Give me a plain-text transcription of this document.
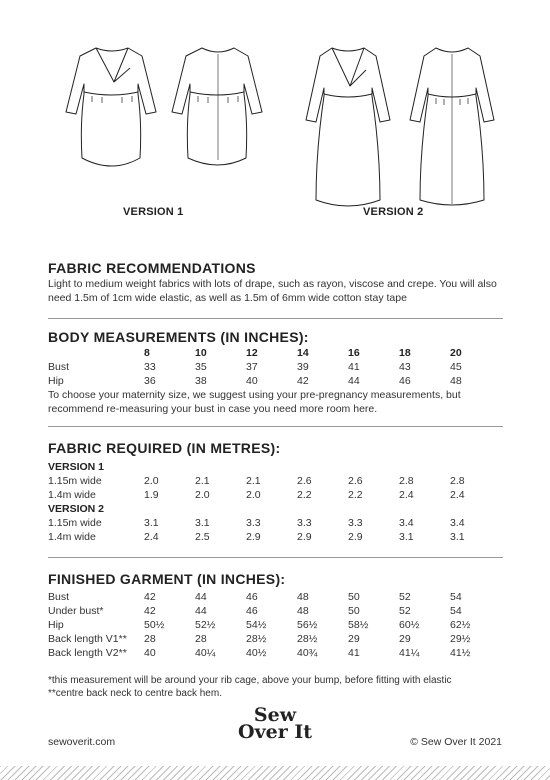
VERSION 1	VERSION 2
FABRIC RECOMMENDATIONS
Light to medium weight fabrics with lots of drape, such as rayon, viscose and crepe. You will also
need 1.5m of 1cm wide elastic, as well as 1.5m of 6mm wide cotton stay tape
BODY MEASUREMENTS (IN INCHES):
	8	10	12	14	16	18	20
Bust	33	35	37	39	41	43	45
Hip	36	38	40	42	44	46	48
To choose your maternity size, we suggest using your pre-pregnancy measurements, but
recommend re-measuring your bust in case you need more room here.
FABRIC REQUIRED (IN METRES):
VERSION 1							
1.15m wide	2.0	2.1	2.1	2.6	2.6	2.8	2.8
1.4m wide	1.9	2.0	2.0	2.2	2.2	2.4	2.4
VERSION 2							
1.15m wide	3.1	3.1	3.3	3.3	3.3	3.4	3.4
1.4m wide	2.4	2.5	2.9	2.9	2.9	3.1	3.1
FINISHED GARMENT (IN INCHES):
Bust	42	44	46	48	50	52	54
Under bust*	42	44	46	48	50	52	54
Hip	50½	52½	54½	56½	58½	60½	62½
Back length V1**	28	28	28½	28½	29	29	29½
Back length V2**	40	40¼	40½	40¾	41	41¼	41½
*this measurement will be around your rib cage, above your bump, before fitting with elastic
**centre back neck to centre back hem.
sewoverit.com
Sew
Over It	© Sew Over It 2021
